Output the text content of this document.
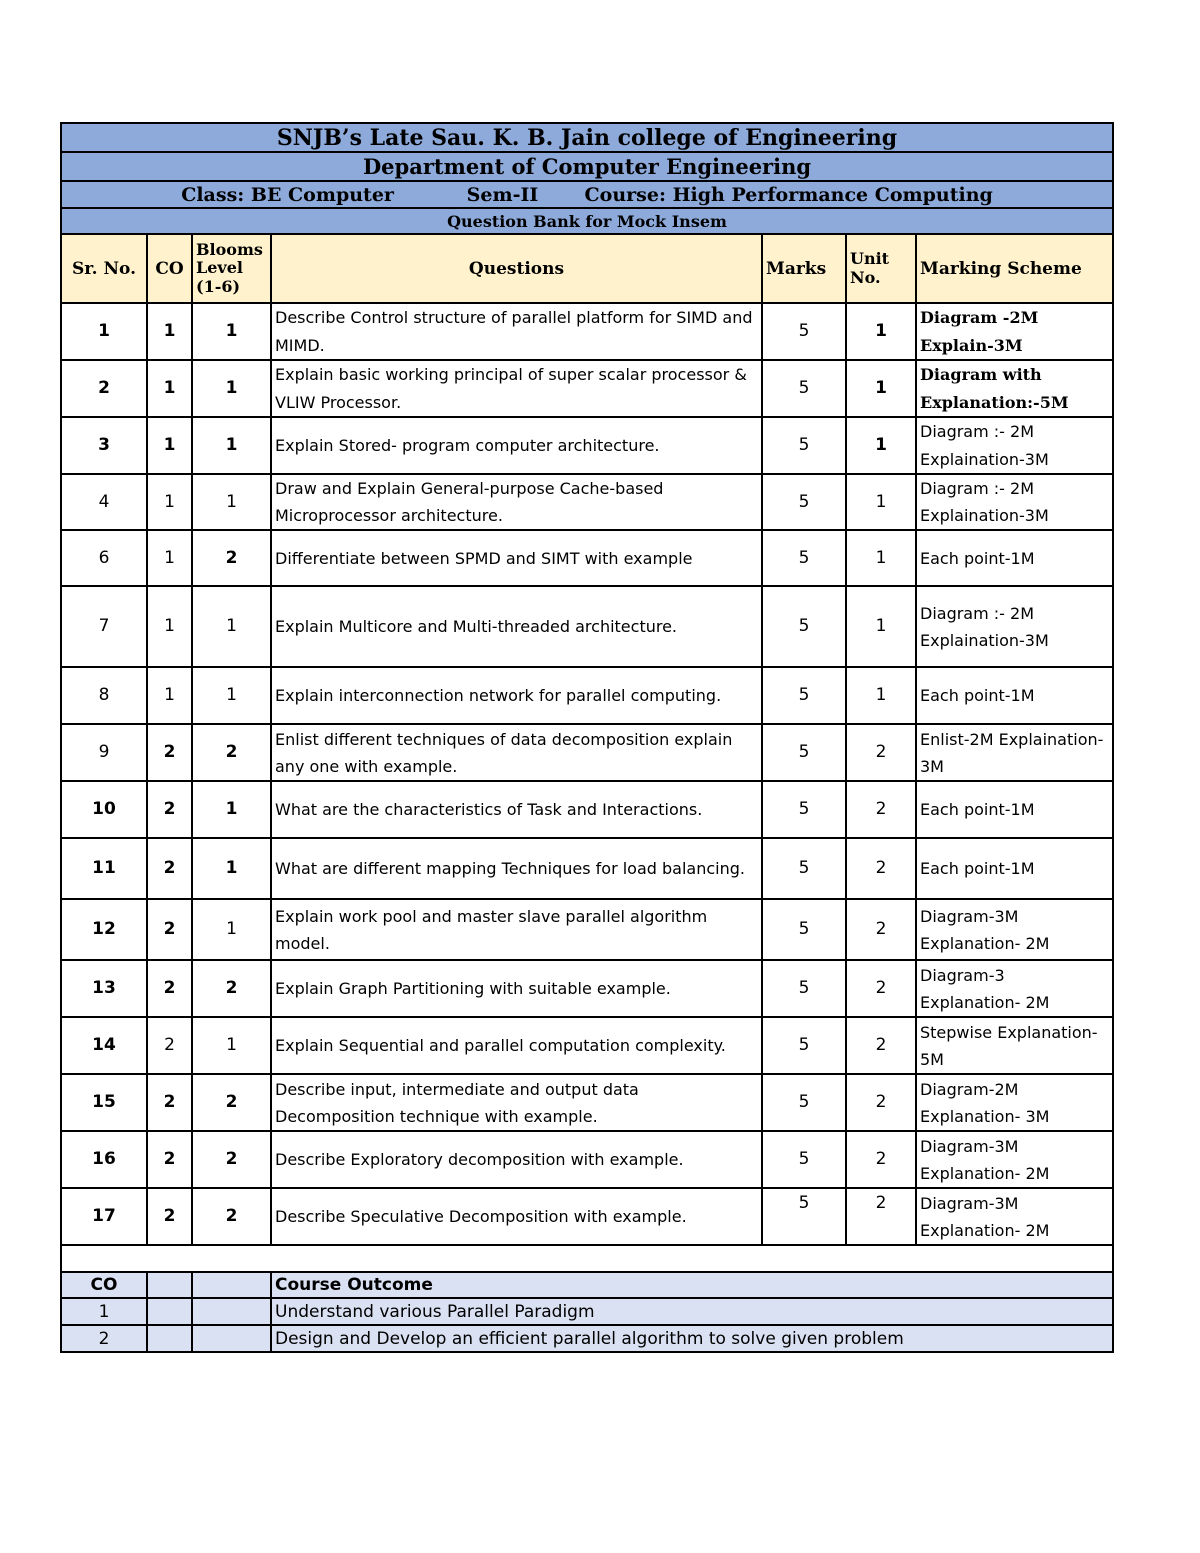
SNJB’s Late Sau. K. B. Jain college of Engineering						
Department of Computer Engineering						
Class: BE Computer           Sem-II       Course: High Performance Computing						
Question Bank for Mock Insem						
Sr. No.	CO	Blooms Level (1-6)	Questions	Marks	Unit No.	Marking Scheme
1	1	1	Describe Control structure of parallel platform for SIMD and MIMD.	5	1	Diagram -2M Explain-3M
2	1	1	Explain basic working principal of super scalar processor & VLIW Processor.	5	1	Diagram with Explanation:-5M
3	1	1	Explain Stored- program computer architecture.	5	1	Diagram :- 2M Explaination-3M
4	1	1	Draw and Explain General-purpose Cache-based Microprocessor architecture.	5	1	Diagram :- 2M Explaination-3M
6	1	2	Differentiate between SPMD and SIMT with example	5	1	Each point-1M
7	1	1	Explain Multicore and Multi-threaded architecture.	5	1	Diagram :- 2M Explaination-3M
8	1	1	Explain interconnection network for parallel computing.	5	1	Each point-1M
9	2	2	Enlist different techniques of data decomposition explain any one with example.	5	2	Enlist-2M Explaination-3M
10	2	1	What are the characteristics of Task and Interactions.	5	2	Each point-1M
11	2	1	What are different mapping Techniques for load balancing.	5	2	Each point-1M
12	2	1	Explain work pool and master slave parallel algorithm model.	5	2	Diagram-3M Explanation- 2M
13	2	2	Explain Graph Partitioning with suitable example.	5	2	Diagram-3 Explanation- 2M
14	2	1	Explain Sequential and parallel computation complexity.	5	2	Stepwise Explanation-5M
15	2	2	Describe input, intermediate and output data Decomposition technique with example.	5	2	Diagram-2M Explanation- 3M
16	2	2	Describe Exploratory decomposition with example.	5	2	Diagram-3M Explanation- 2M
17	2	2	Describe Speculative Decomposition with example.	5	2	Diagram-3M Explanation- 2M

CO			Course Outcome			
1			Understand various Parallel Paradigm			
2			Design and Develop an efficient parallel algorithm to solve given problem			
